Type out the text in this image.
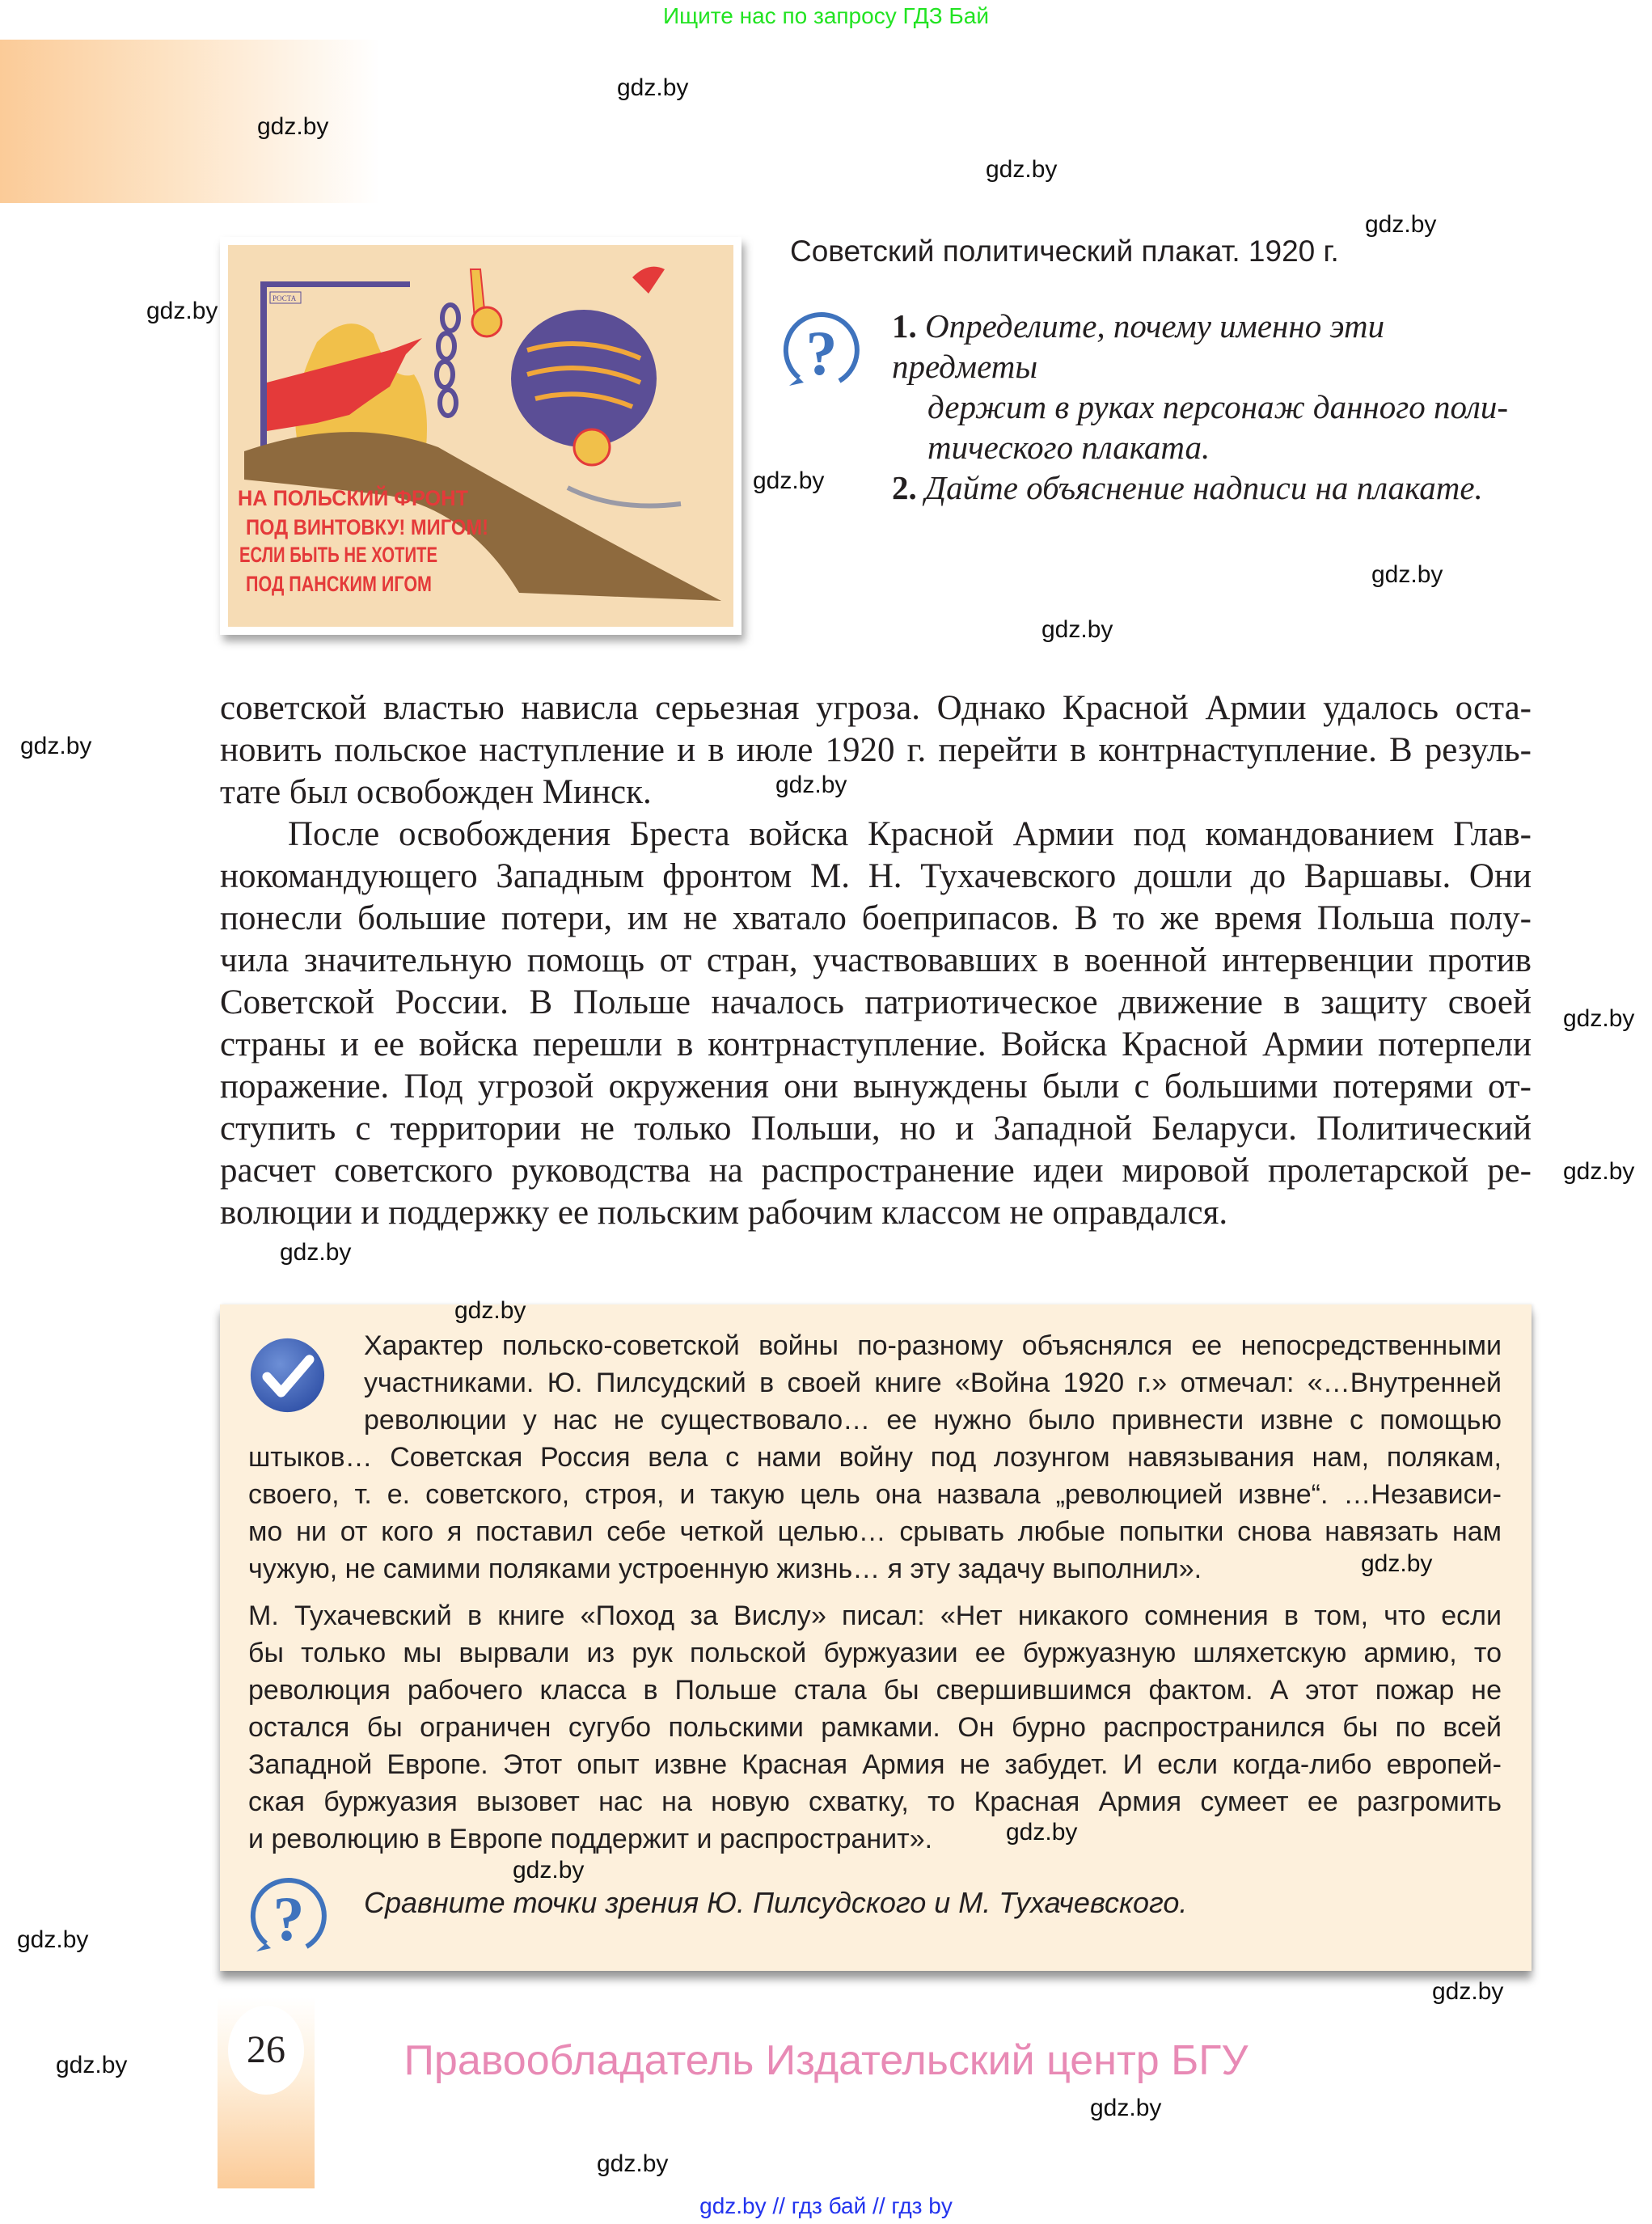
Ищите нас по запросу ГДЗ Бай
РОСТА
НА ПОЛЬСКИЙ ФРОНТ
ПОД ВИНТОВКУ! МИГОМ!
ЕСЛИ БЫТЬ НЕ ХОТИТЕ
ПОД ПАНСКИМ ИГОМ
Советский политический плакат. 1920 г.
? 1. Определите, почему именно эти предметы
держит в руках персонаж данного поли-
тического плаката.
2. Дайте объяснение надписи на плакате.
советской властью нависла серьезная угроза. Однако Красной Армии удалось оста-
новить польское наступление и в июле 1920 г. перейти в контрнаступление. В резуль-
тате был освобожден Минск.
После освобождения Бреста войска Красной Армии под командованием Глав-
нокомандующего Западным фронтом М. Н. Тухачевского дошли до Варшавы. Они
понесли большие потери, им не хватало боеприпасов. В то же время Польша полу-
чила значительную помощь от стран, участвовавших в военной интервенции против
Советской России. В Польше началось патриотическое движение в защиту своей
страны и ее войска перешли в контрнаступление. Войска Красной Армии потерпели
поражение. Под угрозой окружения они вынуждены были с большими потерями от-
ступить с территории не только Польши, но и Западной Беларуси. Политический
расчет советского руководства на распространение идеи мировой пролетарской ре-
волюции и поддержку ее польским рабочим классом не оправдался.
Характер польско-советской войны по-разному объяснялся ее непосредственными
участниками. Ю. Пилсудский в своей книге «Война 1920 г.» отмечал: «…Внутренней
революции у нас не существовало… ее нужно было привнести извне с помощью
штыков… Советская Россия вела с нами войну под лозунгом навязывания нам, полякам,
своего, т. е. советского, строя, и такую цель она назвала „революцией извне“. …Независи-
мо ни от кого я поставил себе четкой целью… срывать любые попытки снова навязать нам
чужую, не самими поляками устроенную жизнь… я эту задачу выполнил».
М. Тухачевский в книге «Поход за Вислу» писал: «Нет никакого сомнения в том, что если
бы только мы вырвали из рук польской буржуазии ее буржуазную шляхетскую армию, то
революция рабочего класса в Польше стала бы свершившимся фактом. А этот пожар не
остался бы ограничен сугубо польскими рамками. Он бурно распространился бы по всей
Западной Европе. Этот опыт извне Красная Армия не забудет. И если когда-либо европей-
ская буржуазия вызовет нас на новую схватку, то Красная Армия сумеет ее разгромить
и революцию в Европе поддержит и распространит».
? Сравните точки зрения Ю. Пилсудского и М. Тухачевского.
26	Правообладатель Издательский центр БГУ
gdz.by // гдз бай // гдз by
gdz.by
gdz.by
gdz.by
gdz.by
gdz.by
gdz.by
gdz.by
gdz.by
gdz.by
gdz.by
gdz.by
gdz.by
gdz.by
gdz.by
gdz.by
gdz.by
gdz.by
gdz.by
gdz.by
gdz.by
gdz.by
gdz.by
